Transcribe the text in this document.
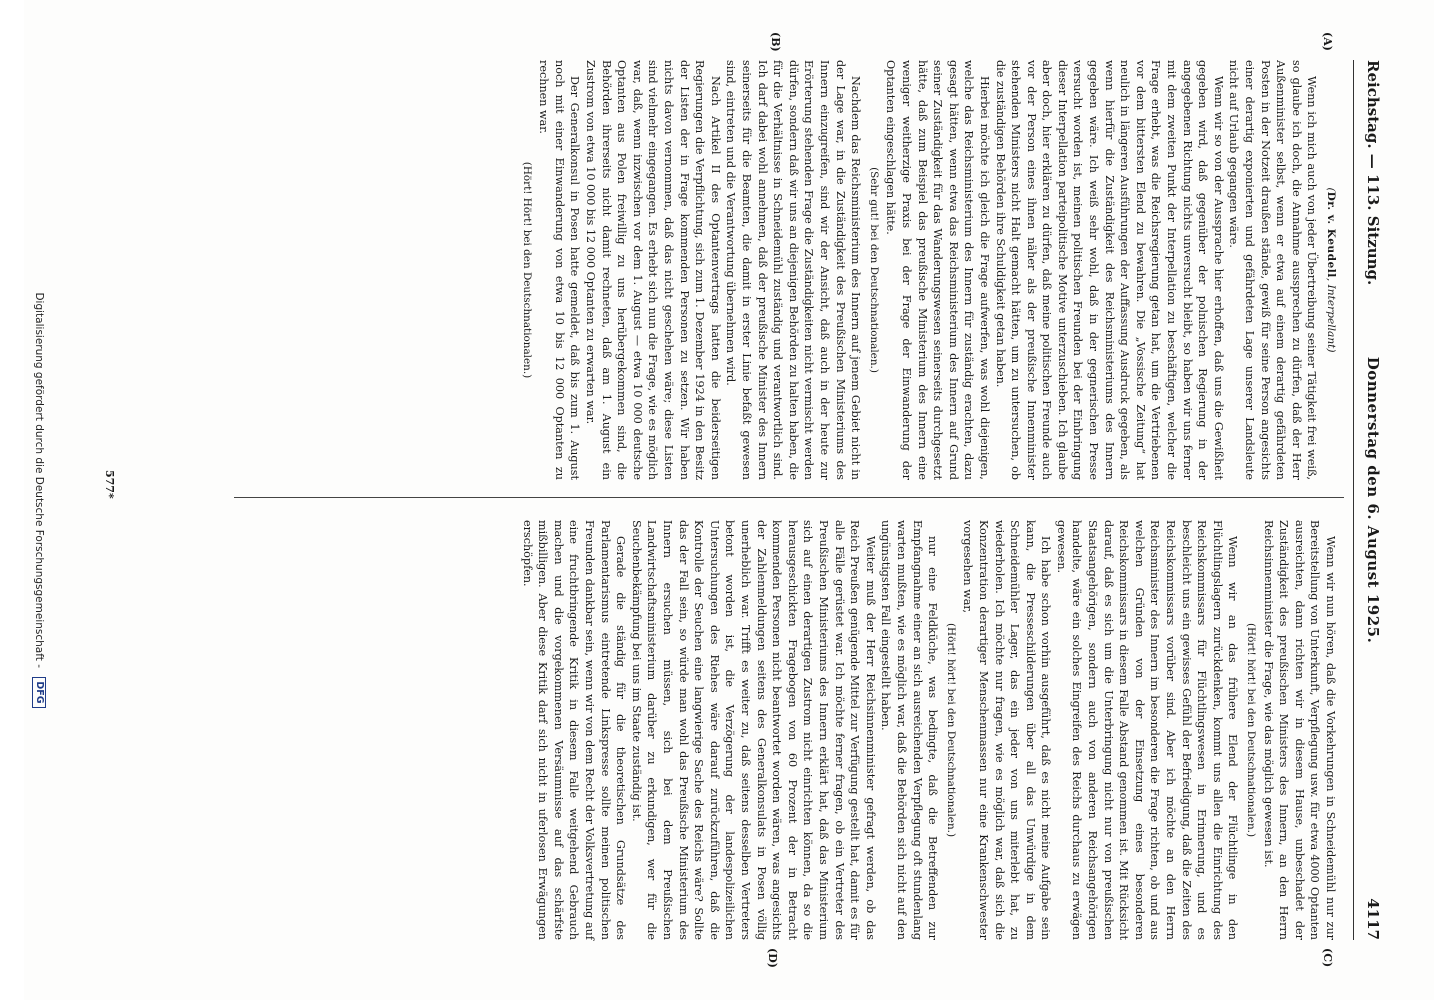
Reichstag. — 113. Sitzung.
Donnerstag den 6. August 1925.
4117
(A)
(B)
(C)
(D)
(Dr. v. Keudell, Interpellant)

Wenn ich mich auch von jeder Übertreibung seiner Tätigkeit frei weiß, so glaube ich doch, die Annahme aussprechen zu dürfen, daß der Herr Außenminister selbst, wenn er etwa auf einem derartig gefährdeten Posten in der Notzeit draußen stände, gewiß für seine Person angesichts einer derartig exponierten und gefährdeten Lage unserer Landsleute nicht auf Urlaub gegangen wäre.

Wenn wir so von der Aussprache hier erhoffen, daß uns die Gewißheit gegeben wird, daß gegenüber der polnischen Regierung in der angegebenen Richtung nichts unversucht bleibt, so haben wir uns ferner mit dem zweiten Punkt der Interpellation zu beschäftigen, welcher die Frage erhebt, was die Reichsregierung getan hat, um die Vertriebenen vor dem bittersten Elend zu bewahren. Die „Vossische Zeitung“ hat neulich in längeren Ausführungen der Auffassung Ausdruck gegeben, als wenn hierfür die Zuständigkeit des Reichsministeriums des Innern gegeben wäre. Ich weiß sehr wohl, daß in der gegnerischen Presse versucht worden ist, meinen politischen Freunden bei der Einbringung dieser Interpellation parteipolitische Motive unterzuschieben. Ich glaube aber doch, hier erklären zu dürfen, daß meine politischen Freunde auch vor der Person eines ihnen näher als der preußische Innenminister stehenden Ministers nicht Halt gemacht hätten, um zu untersuchen, ob die zuständigen Behörden ihre Schuldigkeit getan haben.

Hierbei möchte ich gleich die Frage aufwerfen, was wohl diejenigen, welche das Reichsministerium des Innern für zuständig erachten, dazu gesagt hätten, wenn etwa das Reichsministerium des Innern auf Grund seiner Zuständigkeit für das Wanderungswesen seinerseits durchgesetzt hätte, daß zum Beispiel das preußische Ministerium des Innern eine weniger weitherzige Praxis bei der Frage der Einwanderung der Optanten eingeschlagen hätte.

(Sehr gut! bei den Deutschnationalen.)

Nachdem das Reichsministerium des Innern auf jenem Gebiet nicht in der Lage war, in die Zuständigkeit des Preußischen Ministeriums des Innern einzugreifen, sind wir der Ansicht, daß auch in der heute zur Erörterung stehenden Frage die Zuständigkeiten nicht vermischt werden dürfen, sondern daß wir uns an diejenigen Behörden zu halten haben, die für die Verhältnisse in Schneidemühl zuständig und verantwortlich sind. Ich darf dabei wohl annehmen, daß der preußische Minister des Innern seinerseits für die Beamten, die damit in erster Linie befaßt gewesen sind, eintreten und die Verantwortung übernehmen wird.

Nach Artikel II des Optantenvertrags hatten die beiderseitigen Regierungen die Verpflichtung, sich zum 1. Dezember 1924 in den Besitz der Listen der in Frage kommenden Personen zu setzen. Wir haben nichts davon vernommen, daß das nicht geschehen wäre; diese Listen sind vielmehr eingegangen. Es erhebt sich nun die Frage, wie es möglich war, daß, wenn inzwischen vor dem 1. August — etwa 10 000 deutsche Optanten aus Polen freiwillig zu uns herübergekommen sind, die Behörden ihrerseits nicht damit rechneten, daß am 1. August ein Zustrom von etwa 10 000 bis 12 000 Optanten zu erwarten war.

Der Generalkonsul in Posen hatte gemeldet, daß bis zum 1. August noch mit einer Einwanderung von etwa 10 bis 12 000 Optanten zu rechnen war.

(Hört! Hört! bei den Deutschnationalen.)

Wenn wir nun hören, daß die Vorkehrungen in Schneidemühl nur zur Bereitstellung von Unterkunft, Verpflegung usw. für etwa 4000 Optanten ausreichten, dann richten wir in diesem Hause, unbeschadet der Zuständigkeit des preußischen Ministers des Innern, an den Herrn Reichsinnenminister die Frage, wie das möglich gewesen ist.

(Hört! hört! bei den Deutschnationalen.)

Wenn wir an das frühere Elend der Flüchtlinge in den Flüchtlingslagern zurückdenken, kommt uns allen die Einrichtung des Reichskommissars für Flüchtlingswesen in Erinnerung, und es beschleicht uns ein gewisses Gefühl der Befriedigung, daß die Zeiten des Reichskommissars vorüber sind. Aber ich möchte an den Herrn Reichsminister des Innern im besonderen die Frage richten, ob und aus welchen Gründen von der Einsetzung eines besonderen Reichskommissars in diesem Falle Abstand genommen ist. Mit Rücksicht darauf, daß es sich um die Unterbringung nicht nur von preußischen Staatsangehörigen, sondern auch von anderen Reichsangehörigen handelte, wäre ein solches Eingreifen des Reichs durchaus zu erwägen gewesen.

Ich habe schon vorhin ausgeführt, daß es nicht meine Aufgabe sein kann, die Presseschilderungen über all das Unwürdige in dem Schneidemühler Lager, das ein jeder von uns miterlebt hat, zu wiederholen. Ich möchte nur fragen, wie es möglich war, daß sich die Konzentration derartiger Menschenmassen nur eine Krankenschwester vorgesehen war,

(Hört! hört! bei den Deutschnationalen.)

nur eine Feldküche, was bedingte, daß die Betreffenden zur Empfangnahme einer an sich ausreichenden Verpflegung oft stundenlang warten mußten, wie es möglich war, daß die Behörden sich nicht auf den ungünstigsten Fall eingestellt haben.

Weiter muß der Herr Reichsinnenminister gefragt werden, ob das Reich Preußen genügende Mittel zur Verfügung gestellt hat, damit es für alle Fälle gerüstet war. Ich möchte ferner fragen, ob ein Vertreter des Preußischen Ministeriums des Innern erklärt hat, daß das Ministerium sich auf einen derartigen Zustrom nicht einrichten können, da so die herausgeschickten Fragebogen von 60 Prozent der in Betracht kommenden Personen nicht beantwortet worden wären, was angesichts der Zahlenmeldungen seitens des Generalkonsulats in Posen völlig unerheblich war. Trifft es weiter zu, daß seitens desselben Vertreters betont worden ist, die Verzögerung der landespolizeilichen Untersuchungen des Riehes wäre darauf zurückzuführen, daß die Kontrolle der Seuchen eine langwierige Sache des Reichs wäre? Sollte das der Fall sein, so würde man wohl das Preußische Ministerium des Innern ersuchen müssen, sich bei dem Preußischen Landwirtschaftsministerium darüber zu erkundigen, wer für die Seuchenbekämpfung bei uns im Staate zuständig ist.

Gerade die ständig für die theoretischen Grundsätze des Parlamentarismus eintretende Linkspresse sollte meinen politischen Freunden dankbar sein, wenn wir von dem Recht der Volksvertretung auf eine fruchtbringende Kritik in diesem Falle weitgehend Gebrauch machen und die vorgekommenen Versäumnisse auf das schärfste mißbilligen. Aber diese Kritik darf sich nicht in uferlosen Erwägungen erschöpfen.

577*
Digitalisierung gefördert durch die Deutsche Forschungsgemeinschaft - DFG
